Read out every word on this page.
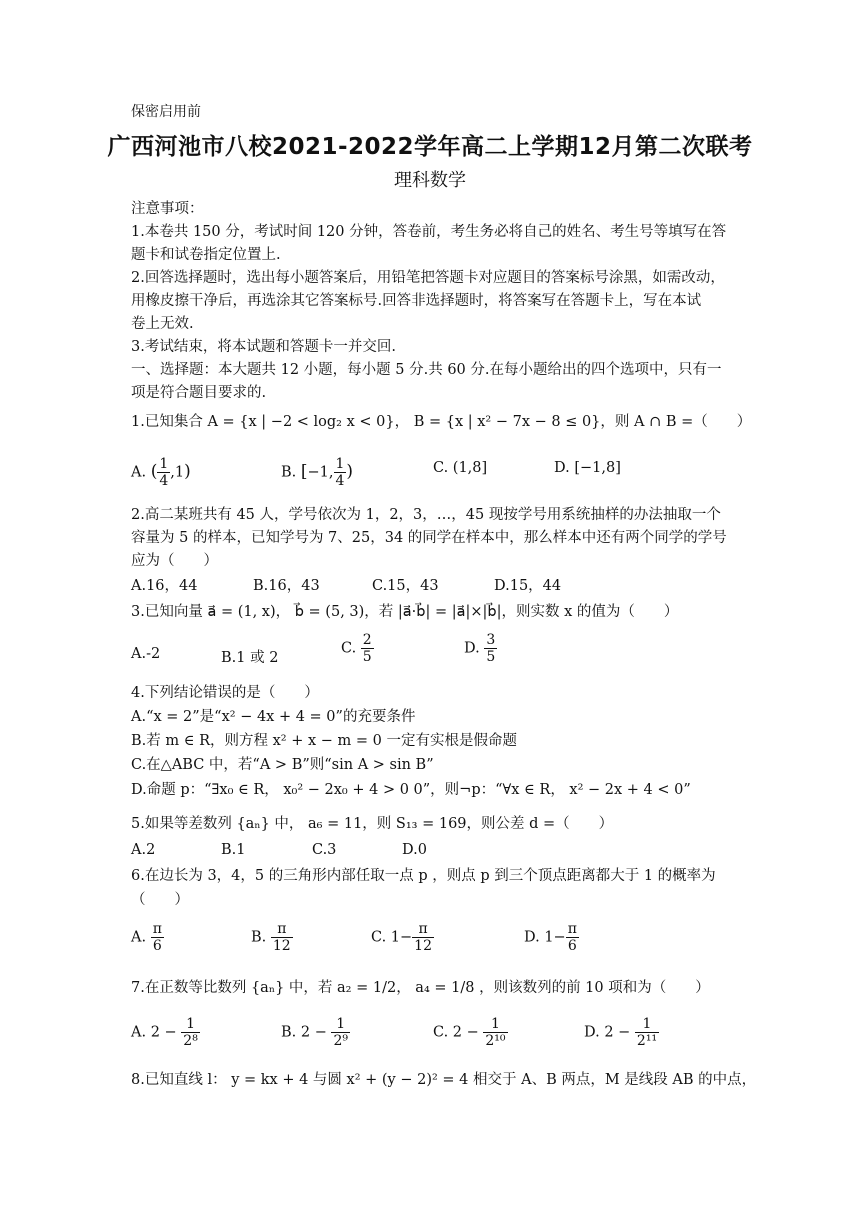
保密启用前
广西河池市八校2021-2022学年高二上学期12月第二次联考
理科数学
注意事项：
1.本卷共 150 分，考试时间 120 分钟，答卷前，考生务必将自己的姓名、考生号等填写在答
题卡和试卷指定位置上.
2.回答选择题时，选出每小题答案后，用铅笔把答题卡对应题目的答案标号涂黑，如需改动，
用橡皮擦干净后，再选涂其它答案标号.回答非选择题时，将答案写在答题卡上，写在本试
卷上无效.
3.考试结束，将本试题和答题卡一并交回.
一、选择题：本大题共 12 小题，每小题 5 分.共 60 分.在每小题给出的四个选项中，只有一
项是符合题目要求的.
1.已知集合 A = {x | −2 < log₂ x < 0}， B = {x | x² − 7x − 8 ≤ 0}，则 A ∩ B =（　　）
A. ( $\frac{1}{4} ,1$)	B. [−1, $\frac{1}{4}$ )	C. (1,8]	D. [−1,8]
2.高二某班共有 45 人，学号依次为 1，2，3，…，45 现按学号用系统抽样的办法抽取一个
容量为 5 的样本，已知学号为 7、25，34 的同学在样本中，那么样本中还有两个同学的学号
应为（　　）
A.16，44	B.16，43	C.15，43	D.15，44
3.已知向量 a⃗ = (1, x)， b⃗ = (5, 3)，若 |a⃗·b⃗| = |a⃗|×|b⃗|，则实数 x 的值为（　　）
A.-2	B.1 或 2
C. $\frac{2}{5}$	D. $\frac{3}{5}$
4.下列结论错误的是（　　）
A.“x = 2”是“x² − 4x + 4 = 0”的充要条件
B.若 m ∈ R，则方程 x² + x − m = 0 一定有实根是假命题
C.在△ABC 中，若“A > B”则“sin A > sin B”
D.命题 p：“∃x₀ ∈ R， x₀² − 2x₀ + 4 > 0 0”，则¬p：“∀x ∈ R， x² − 2x + 4 < 0”
5.如果等差数列 {aₙ} 中， a₆ = 11，则 S₁₃ = 169，则公差 d =（　　）
A.2	B.1	C.3	D.0
6.在边长为 3，4，5 的三角形内部任取一点 p ，则点 p 到三个顶点距离都大于 1 的概率为
（　　）
A. $\frac{\pi}{6}$	B. $\frac{\pi}{12}$	C. $1- \frac{\pi}{12}$	D. $1- \frac{\pi}{6}$
7.在正数等比数列 {aₙ} 中，若 a₂ = 1/2， a₄ = 1/8 ，则该数列的前 10 项和为（　　）
A. $2 - \frac{1}{\text{2⁸}}$	B. $2 - \frac{1}{\text{2⁹}}$	C. $2 - \frac{1}{\text{2¹⁰}}$	D. $2 - \frac{1}{\text{2¹¹}}$
8.已知直线 l： y = kx + 4 与圆 x² + (y − 2)² = 4 相交于 A、B 两点，M 是线段 AB 的中点，
